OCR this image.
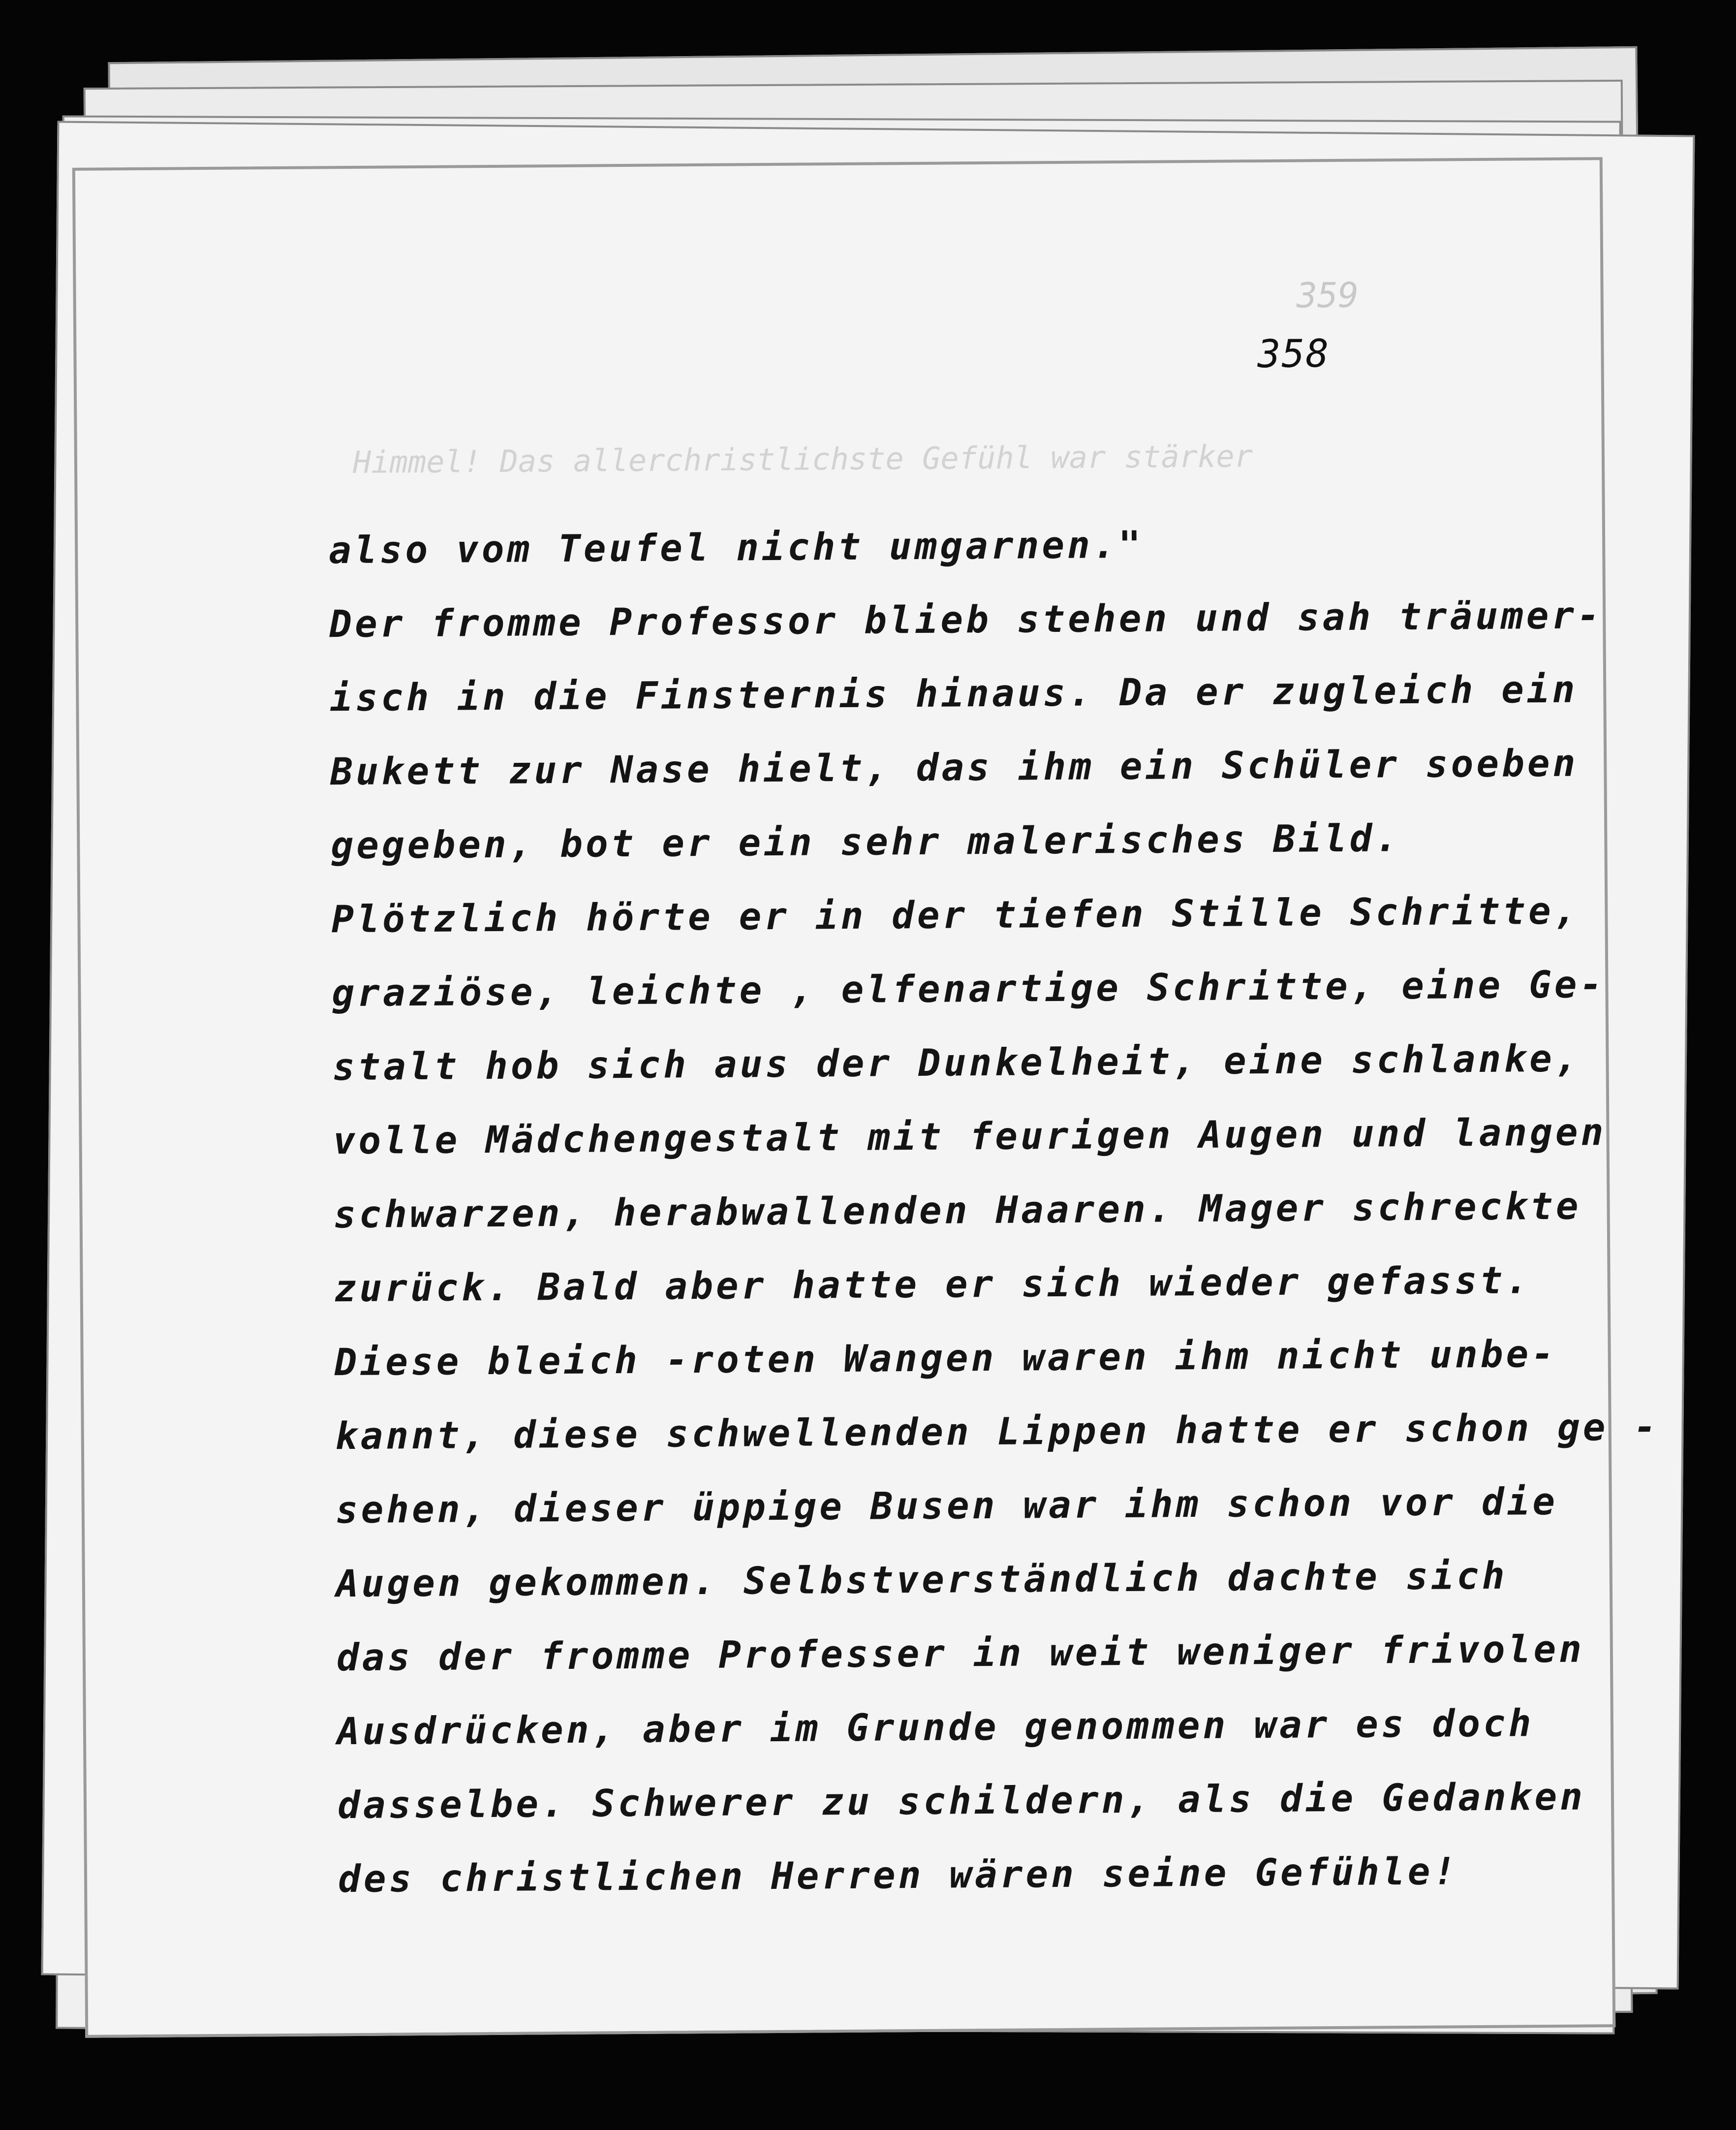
359
358
Himmel! Das allerchristlichste Gefühl war stärker
also vom Teufel nicht umgarnen."
Der fromme Professor blieb stehen und sah träumer-
isch in die Finsternis hinaus. Da er zugleich ein
Bukett zur Nase hielt, das ihm ein Schüler soeben
gegeben, bot er ein sehr malerisches Bild.
Plötzlich hörte er in der tiefen Stille Schritte,
graziöse, leichte , elfenartige Schritte, eine Ge-
stalt hob sich aus der Dunkelheit, eine schlanke,
volle Mädchengestalt mit feurigen Augen und langen
schwarzen, herabwallenden Haaren. Mager schreckte
zurück. Bald aber hatte er sich wieder gefasst.
Diese bleich -roten Wangen waren ihm nicht unbe-
kannt, diese schwellenden Lippen hatte er schon ge -
sehen, dieser üppige Busen war ihm schon vor die
Augen gekommen. Selbstverständlich dachte sich
das der fromme Professer in weit weniger frivolen
Ausdrücken, aber im Grunde genommen war es doch
dasselbe. Schwerer zu schildern, als die Gedanken
des christlichen Herren wären seine Gefühle!
